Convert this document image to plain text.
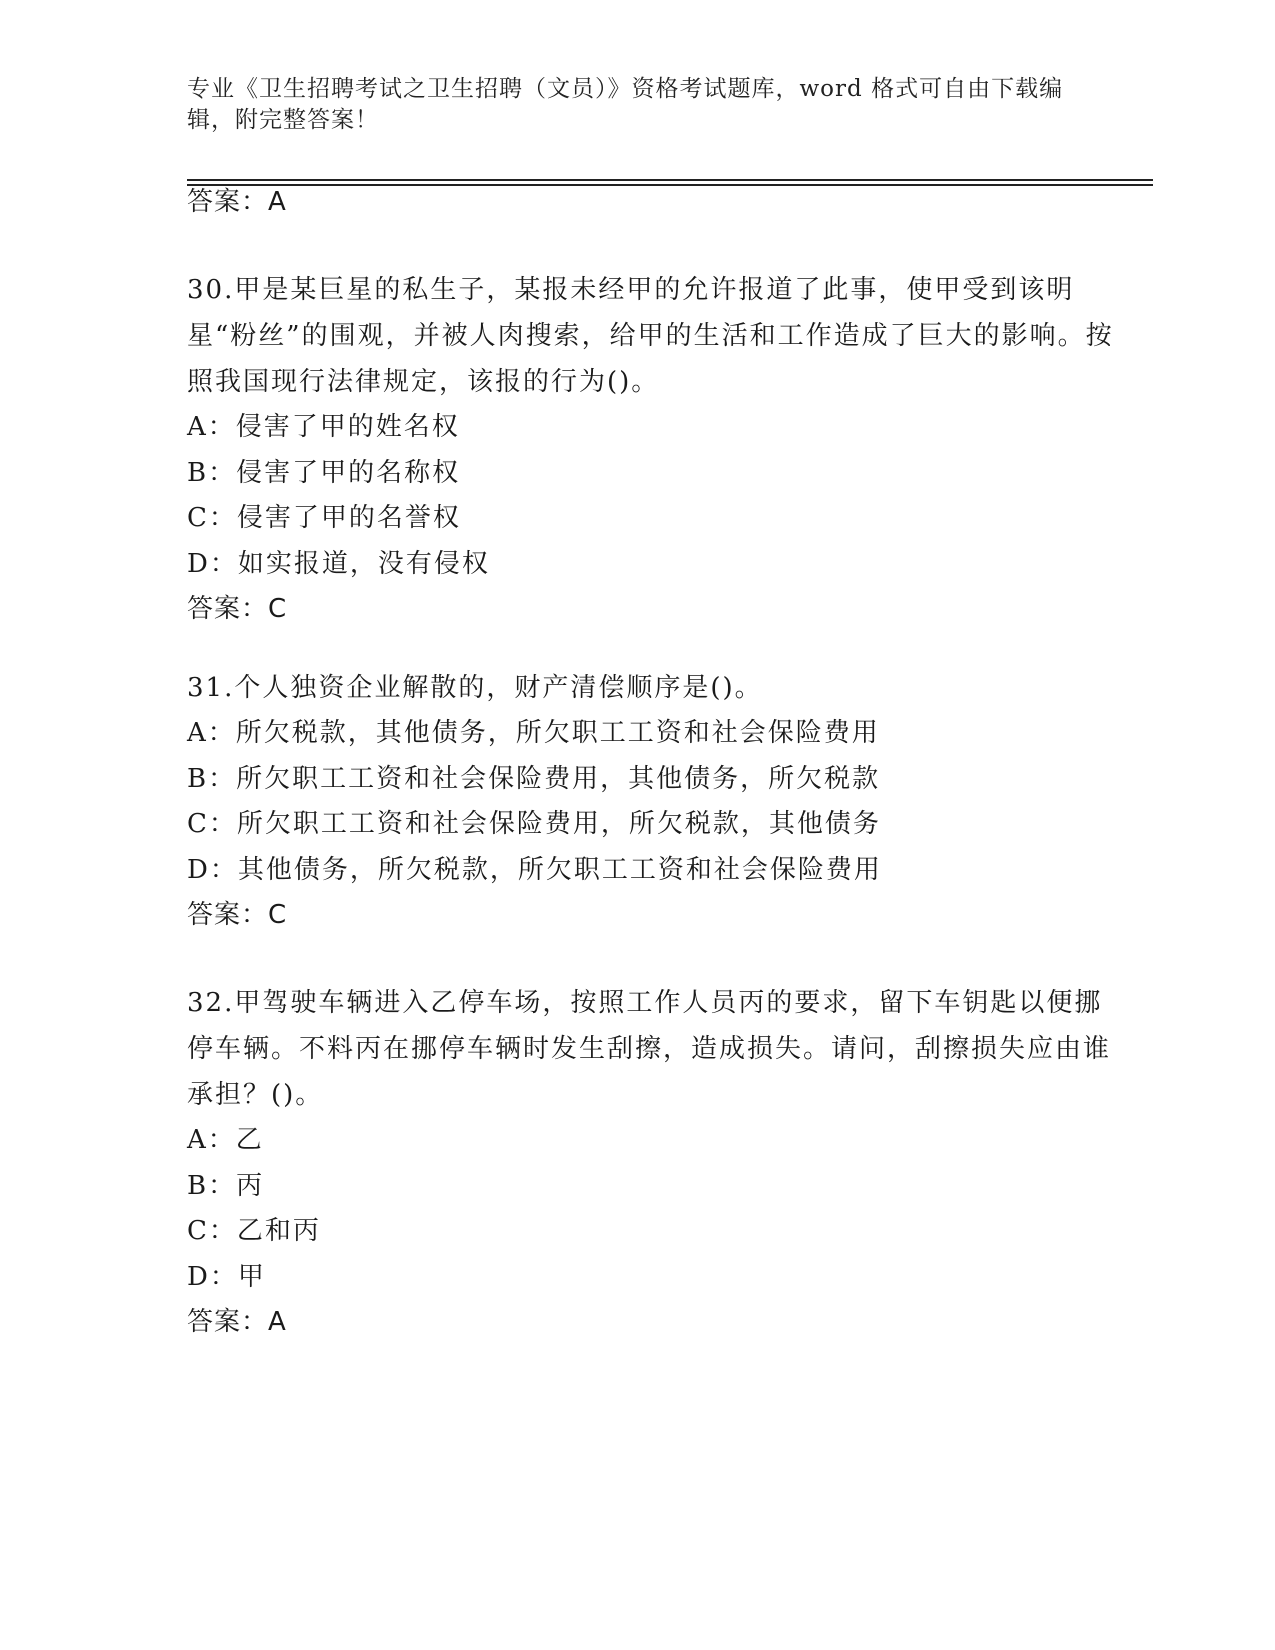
专业《卫生招聘考试之卫生招聘（文员）》资格考试题库，word 格式可自由下载编辑，附完整答案！
答案：A
30.甲是某巨星的私生子，某报未经甲的允许报道了此事，使甲受到该明星“粉丝”的围观，并被人肉搜索，给甲的生活和工作造成了巨大的影响。按照我国现行法律规定，该报的行为()。
A：侵害了甲的姓名权
B：侵害了甲的名称权
C：侵害了甲的名誉权
D：如实报道，没有侵权
答案：C
31.个人独资企业解散的，财产清偿顺序是()。
A：所欠税款，其他债务，所欠职工工资和社会保险费用
B：所欠职工工资和社会保险费用，其他债务，所欠税款
C：所欠职工工资和社会保险费用，所欠税款，其他债务
D：其他债务，所欠税款，所欠职工工资和社会保险费用
答案：C
32.甲驾驶车辆进入乙停车场，按照工作人员丙的要求，留下车钥匙以便挪停车辆。不料丙在挪停车辆时发生刮擦，造成损失。请问，刮擦损失应由谁承担？()。
A：乙
B：丙
C：乙和丙
D：甲
答案：A
